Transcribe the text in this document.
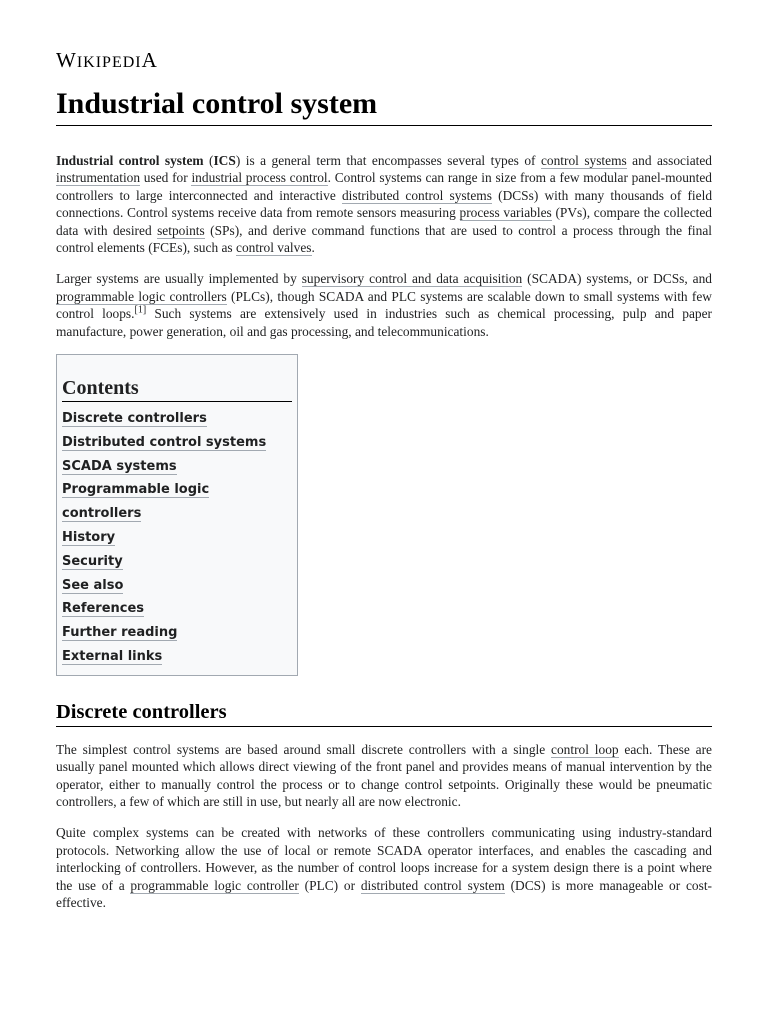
WIKIPEDIA
Industrial control system

Industrial control system (ICS) is a general term that encompasses several types of control systems and associated instrumentation used for industrial process control. Control systems can range in size from a few modular panel-mounted controllers to large interconnected and interactive distributed control systems (DCSs) with many thousands of field connections. Control systems receive data from remote sensors measuring process variables (PVs), compare the collected data with desired setpoints (SPs), and derive command functions that are used to control a process through the final control elements (FCEs), such as control valves.

Larger systems are usually implemented by supervisory control and data acquisition (SCADA) systems, or DCSs, and programmable logic controllers (PLCs), though SCADA and PLC systems are scalable down to small systems with few control loops.[1] Such systems are extensively used in industries such as chemical processing, pulp and paper manufacture, power generation, oil and gas processing, and telecommunications.

Contents
Discrete controllers
Distributed control systems
SCADA systems
Programmable logic controllers
History
Security
See also
References
Further reading
External links
Discrete controllers

The simplest control systems are based around small discrete controllers with a single control loop each. These are usually panel mounted which allows direct viewing of the front panel and provides means of manual intervention by the operator, either to manually control the process or to change control setpoints. Originally these would be pneumatic controllers, a few of which are still in use, but nearly all are now electronic.

Quite complex systems can be created with networks of these controllers communicating using industry-standard protocols. Networking allow the use of local or remote SCADA operator interfaces, and enables the cascading and interlocking of controllers. However, as the number of control loops increase for a system design there is a point where the use of a programmable logic controller (PLC) or distributed control system (DCS) is more manageable or cost-effective.
